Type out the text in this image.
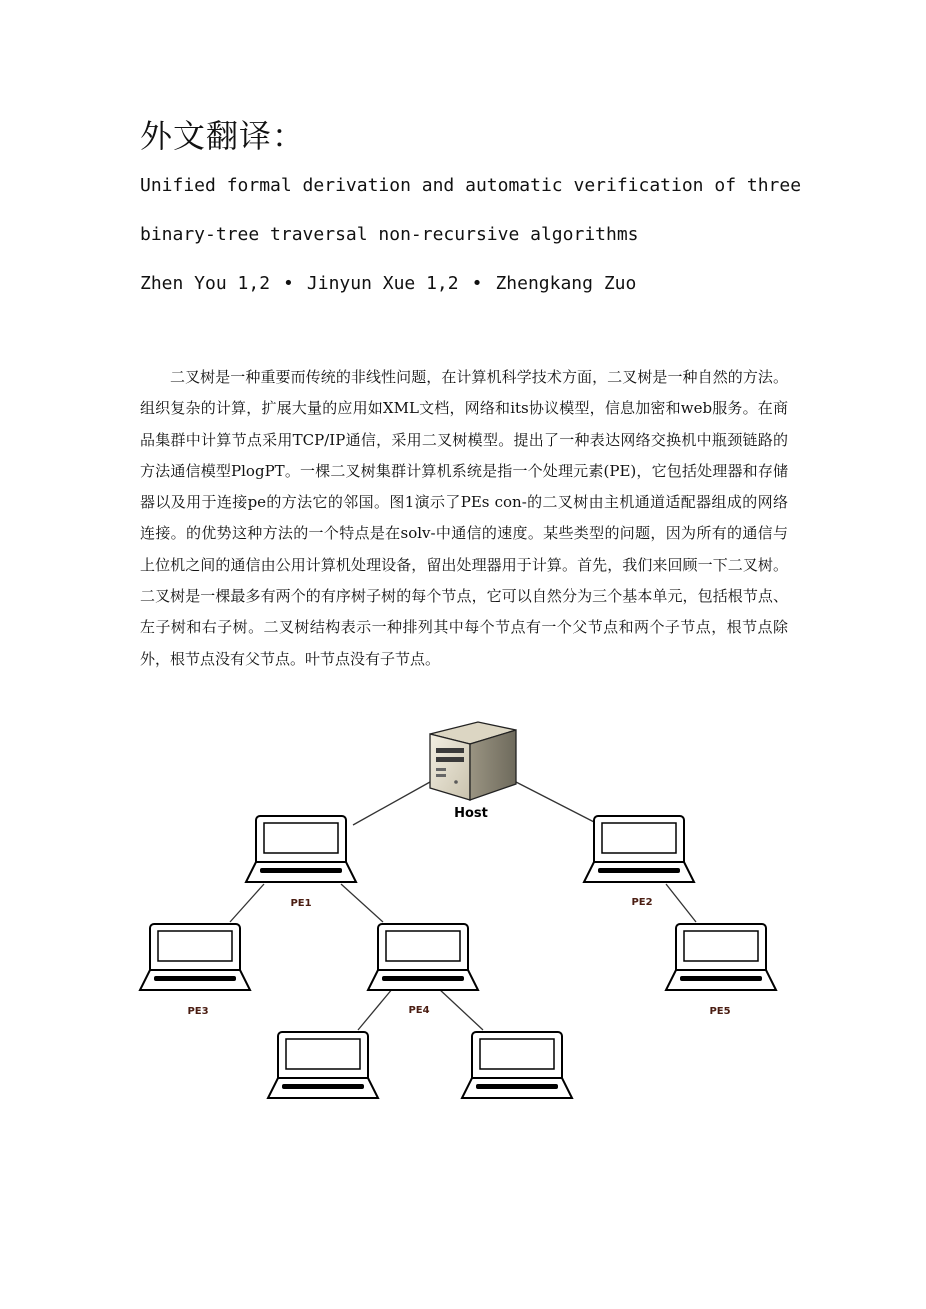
外文翻译：
Unified formal derivation and automatic verification of three
binary-tree traversal non-recursive algorithms
Zhen You 1,2 • Jinyun Xue 1,2 • Zhengkang Zuo

二叉树是一种重要而传统的非线性问题，在计算机科学技术方面，二叉树是一种自然的方法。组织复杂的计算，扩展大量的应用如XML文档，网络和its协议模型，信息加密和web服务。在商品集群中计算节点采用TCP/IP通信，采用二叉树模型。提出了一种表达网络交换机中瓶颈链路的方法通信模型PlogPT。一棵二叉树集群计算机系统是指一个处理元素(PE)，它包括处理器和存储器以及用于连接pe的方法它的邻国。图1演示了PEs con-的二叉树由主机通道适配器组成的网络连接。的优势这种方法的一个特点是在solv-中通信的速度。某些类型的问题，因为所有的通信与上位机之间的通信由公用计算机处理设备，留出处理器用于计算。首先，我们来回顾一下二叉树。二叉树是一棵最多有两个的有序树子树的每个节点，它可以自然分为三个基本单元，包括根节点、左子树和右子树。二叉树结构表示一种排列其中每个节点有一个父节点和两个子节点，根节点除外，根节点没有父节点。叶节点没有子节点。

Host
PE1	PE2
PE3	PE4	PE5
